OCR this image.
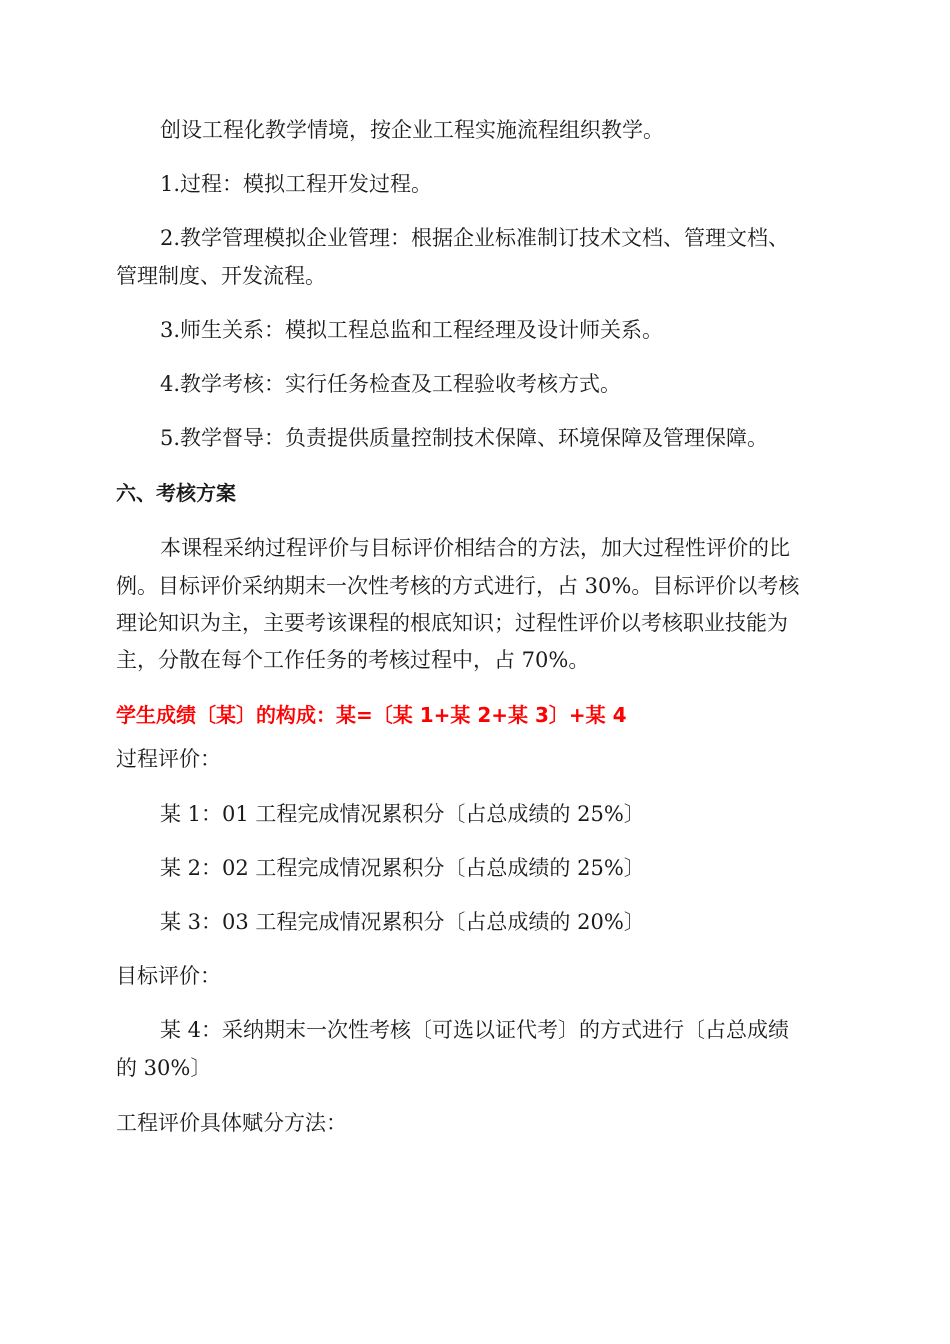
创设工程化教学情境，按企业工程实施流程组织教学。
1.过程：模拟工程开发过程。
2.教学管理模拟企业管理：根据企业标准制订技术文档、管理文档、
管理制度、开发流程。
3.师生关系：模拟工程总监和工程经理及设计师关系。
4.教学考核：实行任务检查及工程验收考核方式。
5.教学督导：负责提供质量控制技术保障、环境保障及管理保障。
六、考核方案
本课程采纳过程评价与目标评价相结合的方法，加大过程性评价的比
例。目标评价采纳期末一次性考核的方式进行，占 30%。目标评价以考核
理论知识为主，主要考该课程的根底知识；过程性评价以考核职业技能为
主，分散在每个工作任务的考核过程中，占 70%。
学生成绩〔某〕的构成：某=〔某 1+某 2+某 3〕+某 4
过程评价：
某 1：01 工程完成情况累积分〔占总成绩的 25%〕
某 2：02 工程完成情况累积分〔占总成绩的 25%〕
某 3：03 工程完成情况累积分〔占总成绩的 20%〕
目标评价：
某 4：采纳期末一次性考核〔可选以证代考〕的方式进行〔占总成绩
的 30%〕
工程评价具体赋分方法：
